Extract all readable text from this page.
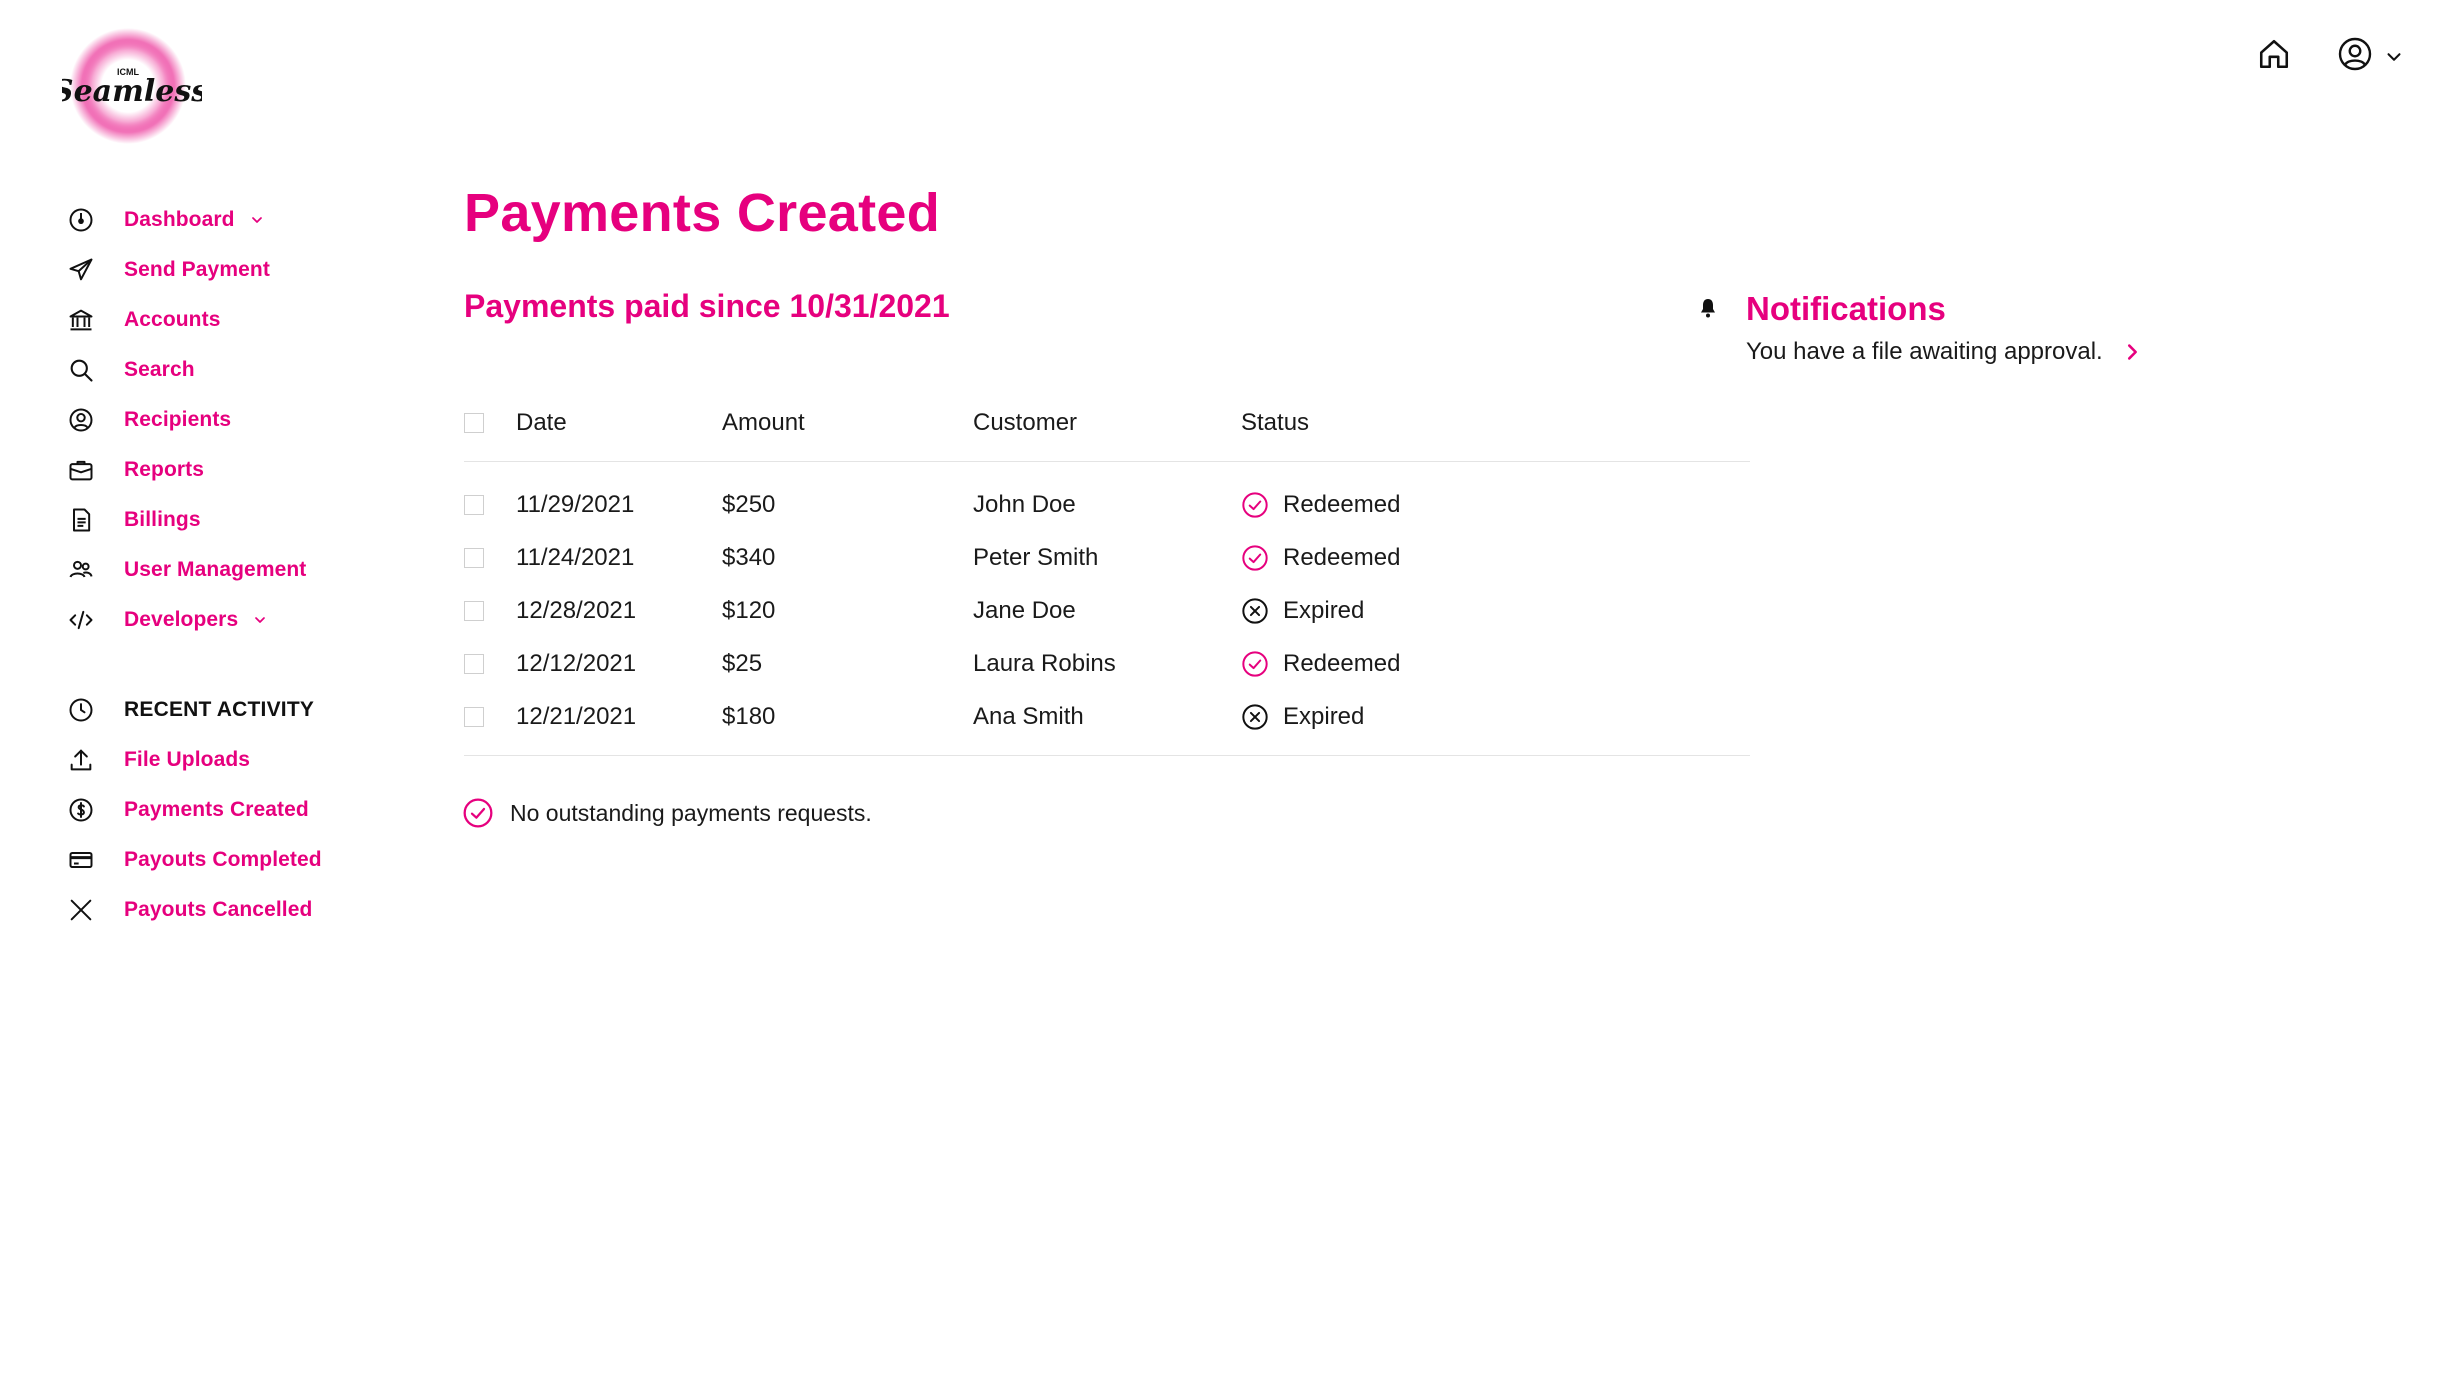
ICML
eamless
Dashboard
Send Payment
Accounts
Search
Recipients
Reports
Billings
User Management
Developers
RECENT ACTIVITY
File Uploads
Payments Created
Payouts Completed
Payouts Cancelled
Payments Created
Payments paid since 10/31/2021
Date	Amount	Customer	Status
11/29/2021	$250	John Doe	Redeemed
11/24/2021	$340	Peter Smith	Redeemed
12/28/2021	$120	Jane Doe	Expired
12/12/2021	$25	Laura Robins	Redeemed
12/21/2021	$180	Ana Smith	Expired
No outstanding payments requests.
Notifications
You have a file awaiting approval.
